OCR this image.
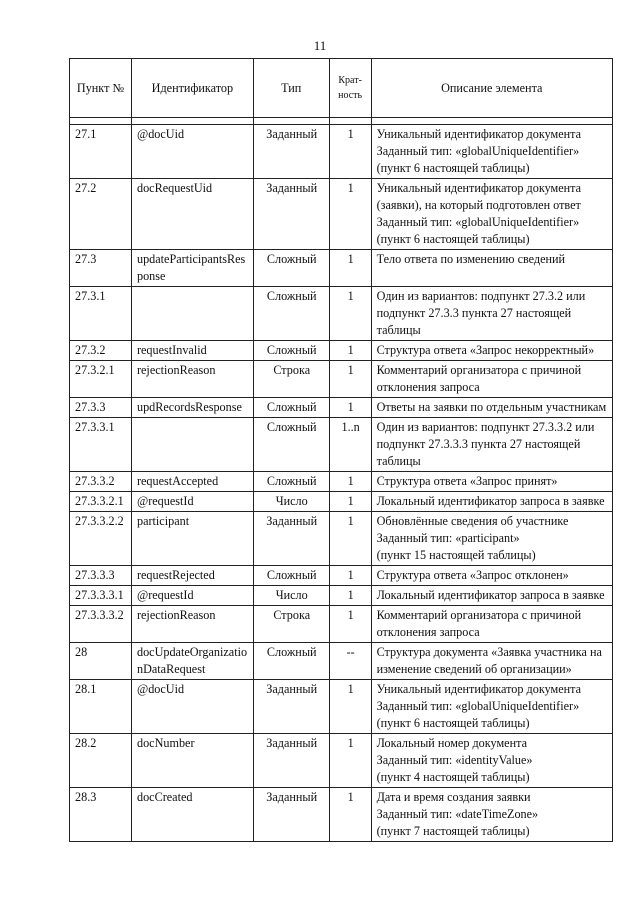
11
Пункт №	Идентификатор	Тип	Крат-ность	Описание элемента

27.1	@docUid	Заданный	1	Уникальный идентификатор документа
Заданный тип: «globalUniqueIdentifier»
(пункт 6 настоящей таблицы)

27.2	docRequestUid	Заданный	1	Уникальный идентификатор документа (заявки), на который подготовлен ответ
Заданный тип: «globalUniqueIdentifier»
(пункт 6 настоящей таблицы)

27.3	updateParticipantsResponse	Сложный	1	Тело ответа по изменению сведений

27.3.1		Сложный	1	Один из вариантов: подпункт 27.3.2 или подпункт 27.3.3 пункта 27 настоящей таблицы

27.3.2	requestInvalid	Сложный	1	Структура ответа «Запрос некорректный»

27.3.2.1	rejectionReason	Строка	1	Комментарий организатора с причиной отклонения запроса

27.3.3	updRecordsResponse	Сложный	1	Ответы на заявки по отдельным участникам

27.3.3.1		Сложный	1..n	Один из вариантов: подпункт 27.3.3.2 или подпункт 27.3.3.3 пункта 27 настоящей таблицы

27.3.3.2	requestAccepted	Сложный	1	Структура ответа «Запрос принят»

27.3.3.2.1	@requestId	Число	1	Локальный идентификатор запроса в заявке

27.3.3.2.2	participant	Заданный	1	Обновлённые сведения об участнике
Заданный тип: «participant»
(пункт 15 настоящей таблицы)

27.3.3.3	requestRejected	Сложный	1	Структура ответа «Запрос отклонен»

27.3.3.3.1	@requestId	Число	1	Локальный идентификатор запроса в заявке

27.3.3.3.2	rejectionReason	Строка	1	Комментарий организатора с причиной отклонения запроса

28	docUpdateOrganizationDataRequest	Сложный	--	Структура документа «Заявка участника на изменение сведений об организации»

28.1	@docUid	Заданный	1	Уникальный идентификатор документа
Заданный тип: «globalUniqueIdentifier»
(пункт 6 настоящей таблицы)

28.2	docNumber	Заданный	1	Локальный номер документа
Заданный тип: «identityValue»
(пункт 4 настоящей таблицы)

28.3	docCreated	Заданный	1	Дата и время создания заявки
Заданный тип: «dateTimeZone»
(пункт 7 настоящей таблицы)
